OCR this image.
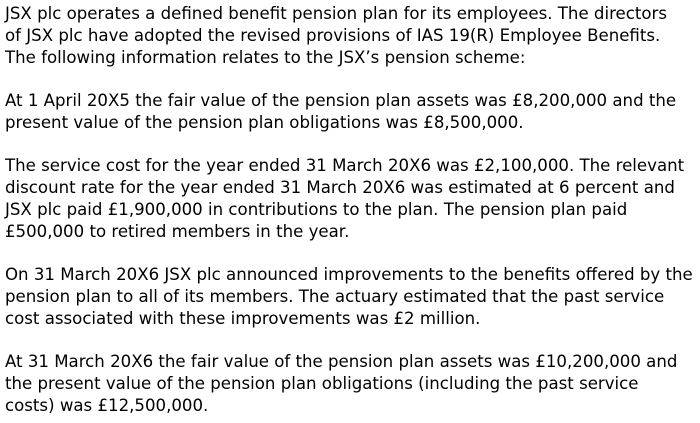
JSX plc operates a defined benefit pension plan for its employees. The directors
of JSX plc have adopted the revised provisions of IAS 19(R) Employee Benefits.
The following information relates to the JSX’s pension scheme:

At 1 April 20X5 the fair value of the pension plan assets was £8,200,000 and the
present value of the pension plan obligations was £8,500,000.

The service cost for the year ended 31 March 20X6 was £2,100,000. The relevant
discount rate for the year ended 31 March 20X6 was estimated at 6 percent and
JSX plc paid £1,900,000 in contributions to the plan. The pension plan paid
£500,000 to retired members in the year.

On 31 March 20X6 JSX plc announced improvements to the benefits offered by the
pension plan to all of its members. The actuary estimated that the past service
cost associated with these improvements was £2 million.

At 31 March 20X6 the fair value of the pension plan assets was £10,200,000 and
the present value of the pension plan obligations (including the past service
costs) was £12,500,000.
